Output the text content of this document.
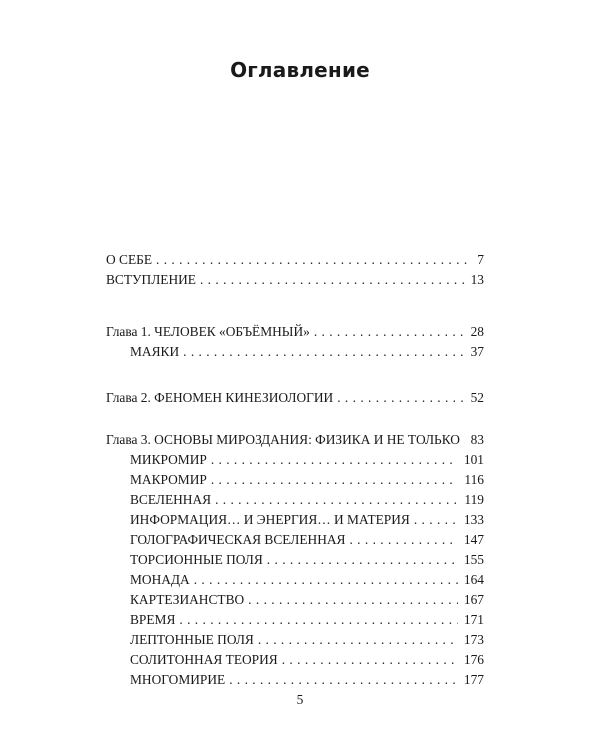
Оглавление
О СЕБЕ . . .	7
ВСТУПЛЕНИЕ . . .	13
Глава 1. ЧЕЛОВЕК «ОБЪЁМНЫЙ» . . .	28
МАЯКИ . . .	37
Глава 2. ФЕНОМЕН КИНЕЗИОЛОГИИ . . .	52
Глава 3. ОСНОВЫ МИРОЗДАНИЯ: ФИЗИКА И НЕ ТОЛЬКО . . . 83
МИКРОМИР . . .	101
МАКРОМИР . . .	116
ВСЕЛЕННАЯ . . .	119
ИНФОРМАЦИЯ… И ЭНЕРГИЯ… И МАТЕРИЯ . . .	133
ГОЛОГРАФИЧЕСКАЯ ВСЕЛЕННАЯ . . .	147
ТОРСИОННЫЕ ПОЛЯ . . .	155
МОНАДА . . .	164
КАРТЕЗИАНСТВО . . .	167
ВРЕМЯ . . .	171
ЛЕПТОННЫЕ ПОЛЯ . . .	173
СОЛИТОННАЯ ТЕОРИЯ . . .	176
МНОГОМИРИЕ . . .	177
5
